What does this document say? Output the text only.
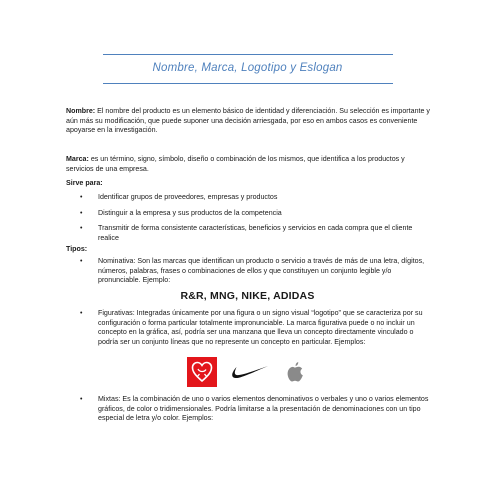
Nombre, Marca, Logotipo y Eslogan
Nombre: El nombre del producto es un elemento básico de identidad y diferenciación. Su selección es importante y aún más su modificación, que puede suponer una decisión arriesgada, por eso en ambos casos es conveniente apoyarse en la investigación.
Marca: es un término, signo, símbolo, diseño o combinación de los mismos, que identifica a los productos y servicios de una empresa.
Sirve para:
• Identificar grupos de proveedores, empresas y productos
• Distinguir a la empresa y sus productos de la competencia
• Transmitir de forma consistente características, beneficios y servicios en cada compra que el cliente realice
Tipos:
• Nominativa: Son las marcas que identifican un producto o servicio a través de más de una letra, dígitos, números, palabras, frases o combinaciones de ellos y que constituyen un conjunto legible y/o pronunciable. Ejemplo:
R&R, MNG, NIKE, ADIDAS
• Figurativas: Integradas únicamente por una figura o un signo visual “logotipo” que se caracteriza por su configuración o forma particular totalmente impronunciable. La marca figurativa puede o no incluir un concepto en la gráfica, así, podría ser una manzana que lleva un concepto directamente vinculado o podría ser un conjunto líneas que no represente un concepto en particular. Ejemplos:
• Mixtas: Es la combinación de uno o varios elementos denominativos o verbales y uno o varios elementos gráficos, de color o tridimensionales. Podría limitarse a la presentación de denominaciones con un tipo especial de letra y/o color. Ejemplos:
